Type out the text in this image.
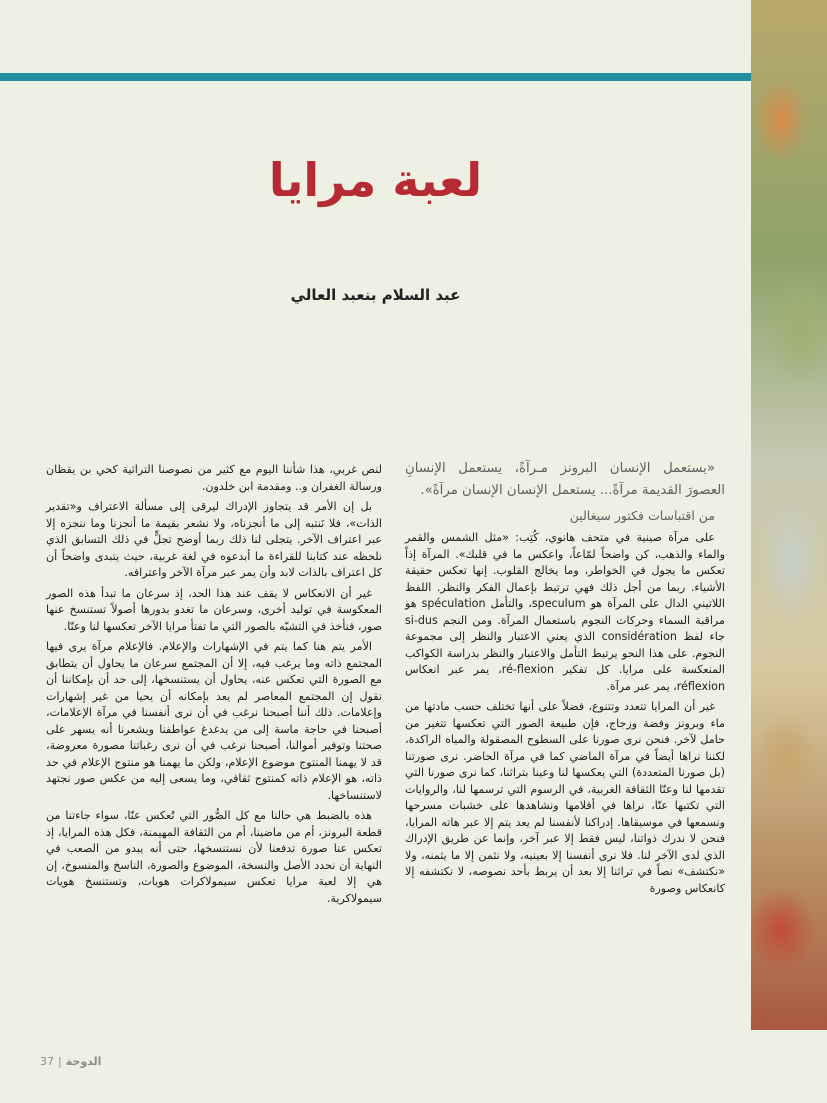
لعبة مرايا
عبد السلام بنعبد العالي

«يستعمل الإنسان البرونز مـرآةً، يستعمل الإنسانِ العصورَ القديمة مرآةً... يستعمل الإنسان الإنسان مرآةً».

من اقتباسات فكتور سيغالين

على مرآة صينية في متحف هانوي، كُتِب: «مثل الشمس والقمر والماء والذهب، كن واضحاً لمّاعاً، واعكس ما في قلبك». المرآة إذاً تعكس ما يجول في الخواطر، وما يخالج القلوب. إنها تعكس حقيقة الأشياء. ربما من أجل ذلك فهي ترتبط بإعمال الفكر والنظر. اللفظ اللاتيني الدال على المرآة هو speculum، والتأمل spéculation هو مراقبة السماء وحركات النجوم باستعمال المرآة. ومن النجم si-dus جاء لفظ considération الذي يعني الاعتبار والنظر إلى مجموعة النجوم. على هذا النحو يرتبط التأمل والاعتبار والنظر بدراسة الكواكب المنعكسة على مرايا. كل تفكير ré-flexion، يمر عبر انعكاس réflexion، يمر عبر مرآة.

غير أن المرايا تتعدد وتتنوع، فضلاً على أنها تختلف حسب مادتها من ماء وبرونز وفضة وزجاج، فإن طبيعة الصور التي تعكسها تتغير من حامل لآخر. فنحن نرى صورنا على السطوح المصقولة والمياه الراكدة، لكننا نراها أيضاً في مرآة الماضي كما في مرآة الحاضر. نرى صورتنا (بل صورنا المتعددة) التي يعكسها لنا وعينا بتراثنا، كما نرى صورنا التي تقدمها لنا وعنّا الثقافة الغربية، في الرسوم التي ترسمها لنا، والروايات التي تكتبها عنّا، نراها في أفلامها ونشاهدها على خشبات مسرحها ونسمعها في موسيقاها. إدراكنا لأنفسنا لم يعد يتم إلا عبر هاته المرايا، فنحن لا ندرك ذواتنا، ليس فقط إلا عبر آخر، وإنما عن طريق الإدراك الذي لدى الآخر لنا. فلا نرى أنفسنا إلا بعينيه، ولا نثمن إلا ما يثمنه، ولا «نكتشف» نصاً في تراثنا إلا بعد أن يربط بأحد نصوصه، لا نكتشفه إلا كانعكاس وصورة

لنص غربي، هذا شأننا اليوم مع كثير من نصوصنا التراثية كحي بن يقظان ورسالة الغفران و.. ومقدمة ابن خلدون.

بل إن الأمر قد يتجاوز الإدراك ليرقى إلى مسألة الاعتراف و«تقدير الذات»، فلا نَنتبه إلى ما أنجزناه، ولا نشعر بقيمة ما أنجزنا وما ننجزه إلا عبر اعتراف الآخر. يتجلى لنا ذلك ربما أوضح تجلٍّ في ذلك التسابق الذي نلحظه عند كتابنا للقراءة ما أبدعوه في لغة غربية، حيث يتبدى واضحاً أن كل اعتراف بالذات لابد وأن يمر عبر مرآة الآخر واعترافه.

غير أن الانعكاس لا يقف عند هذا الحد، إذ سرعان ما تبدأ هذه الصور المعكوسة في توليد أخرى، وسرعان ما تغدو بدورها أصولاً تستنسخ عنها صور، فنأخذ في التشبّه بالصور التي ما تفتأ مرايا الآخر تعكسها لنا وعنّا.

الأمر يتم هنا كما يتم في الإشهارات والإعلام. فالإعلام مرآة يرى فيها المجتمع ذاته وما يرغب فيه، إلا أن المجتمع سرعان ما يحاول أن يتطابق مع الصورة التي تعكس عنه، يحاول أن يستنسخها، إلى حد أن بإمكاننا أن نقول إن المجتمع المعاصر لم يعد بإمكانه أن يحيا من غير إشهارات وإعلامات. ذلك أننا أصبحنا نرغب في أن نرى أنفسنا في مرآة الإعلامات، أصبحنا في حاجة ماسة إلى من يدغدغ عواطفنا ويشعرنا أنه يسهر على صحتنا وتوفير أموالنا، أصبحنا نرغب في أن نرى رغباتنا مصورة معروضة، قد لا يهمنا المنتوج موضوع الإعلام، ولكن ما يهمنا هو منتوج الإعلام في حد ذاته، هو الإعلام ذاته كمنتوج ثقافي، وما يسعى إليه من عكس صور نجتهد لاستنساخها.

هذه بالضبط هي حالنا مع كل الصُّور التي تُعكس عنّا، سواء جاءتنا من قطعة البرونز، أم من ماضينا، أم من الثقافة المهيمنة، فكل هذه المرايا، إذ تعكس عنا صورة تدفعنا لأن نستنسخها، حتى أنه يبدو من الصعب في النهاية أن نحدد الأصل والنسخة، الموضوع والصورة، الناسخ والمنسوخ، إن هي إلا لعبة مرايا تعكس سيمولاكرات هويات، وتستنسخ هويات سيمولاكرية.

37 | الدوحة
